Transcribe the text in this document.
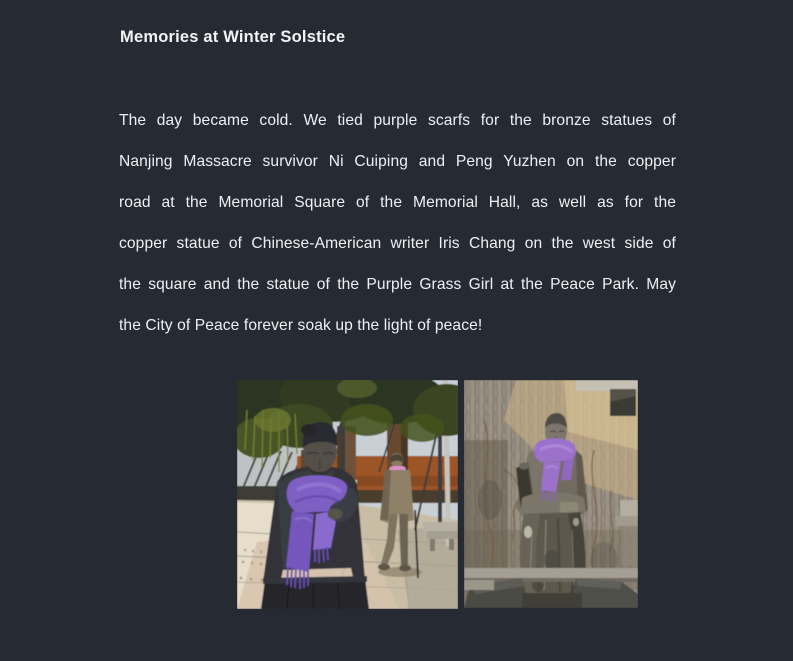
Memories at Winter Solstice
The day became cold. We tied purple scarfs for the bronze statues of
Nanjing Massacre survivor Ni Cuiping and Peng Yuzhen on the copper
road at the Memorial Square of the Memorial Hall, as well as for the
copper statue of Chinese-American writer Iris Chang on the west side of
the square and the statue of the Purple Grass Girl at the Peace Park. May
the City of Peace forever soak up the light of peace!
